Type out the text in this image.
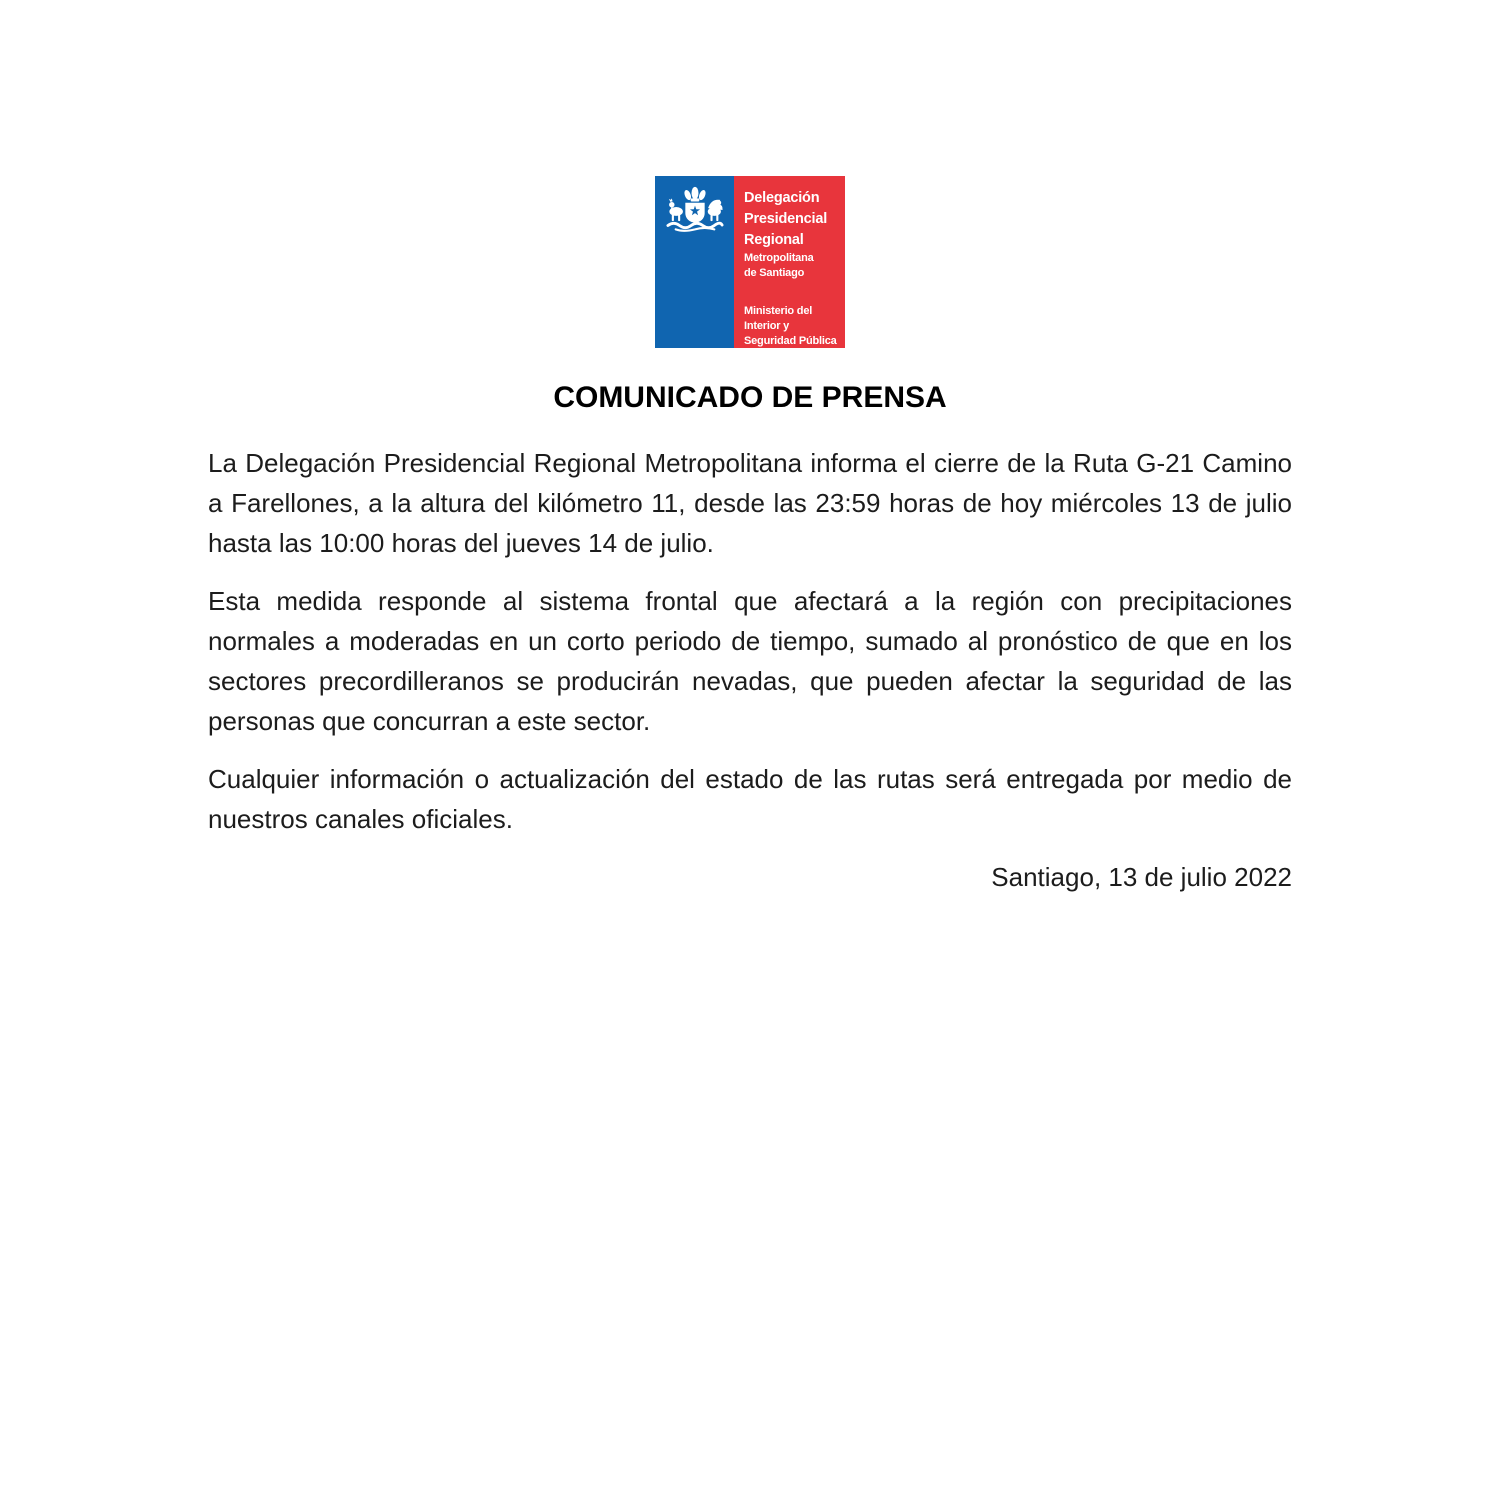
Delegación
Presidencial
Regional
Metropolitana
de Santiago
Ministerio del
Interior y
Seguridad Pública
COMUNICADO DE PRENSA

La Delegación Presidencial Regional Metropolitana informa el cierre de la Ruta G-21 Camino a Farellones, a la altura del kilómetro 11, desde las 23:59 horas de hoy miércoles 13 de julio hasta las 10:00 horas del jueves 14 de julio.

Esta medida responde al sistema frontal que afectará a la región con precipitaciones normales a moderadas en un corto periodo de tiempo, sumado al pronóstico de que en los sectores precordilleranos se producirán nevadas, que pueden afectar la seguridad de las personas que concurran a este sector.

Cualquier información o actualización del estado de las rutas será entregada por medio de nuestros canales oficiales.

Santiago, 13 de julio 2022
